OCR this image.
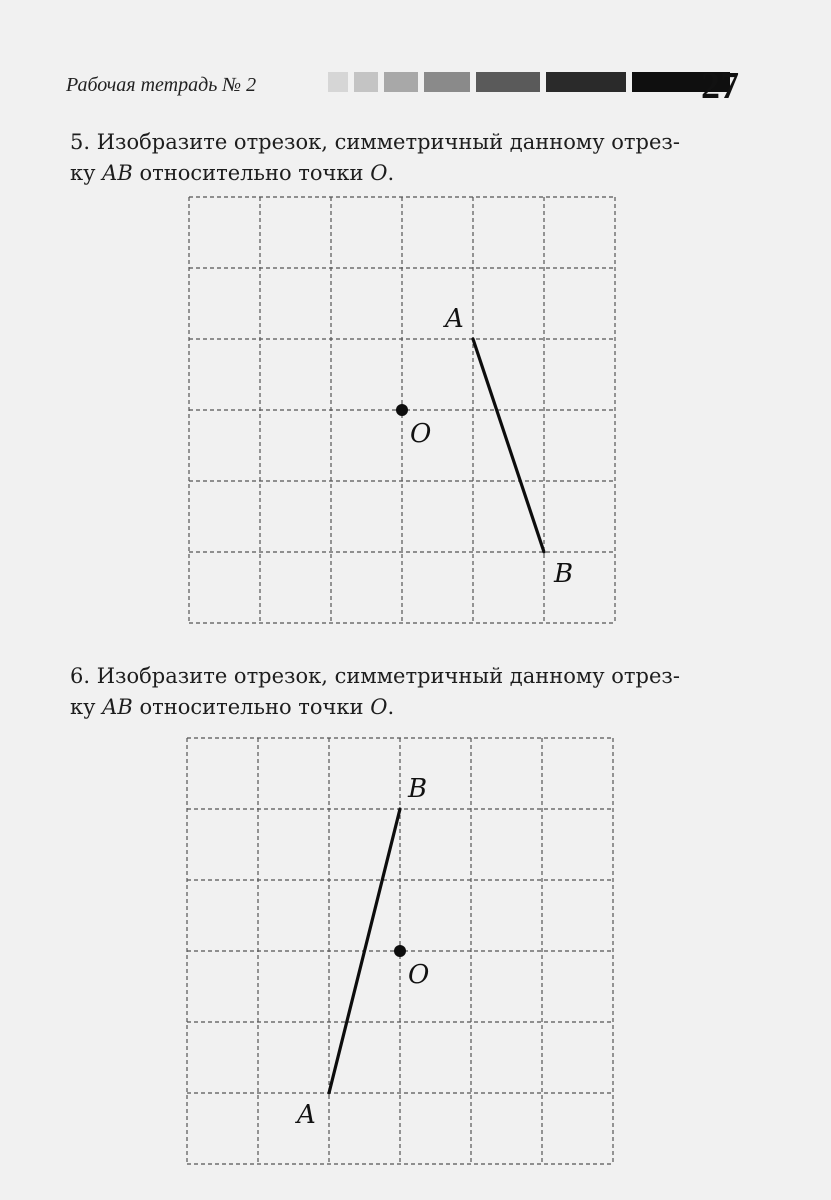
Рабочая тетрадь № 2	27
5. Изобразите отрезок, симметричный данному отрез-
ку AB относительно точки O.
A
B
O
6. Изобразите отрезок, симметричный данному отрез-
ку AB относительно точки O.
A
B
O
